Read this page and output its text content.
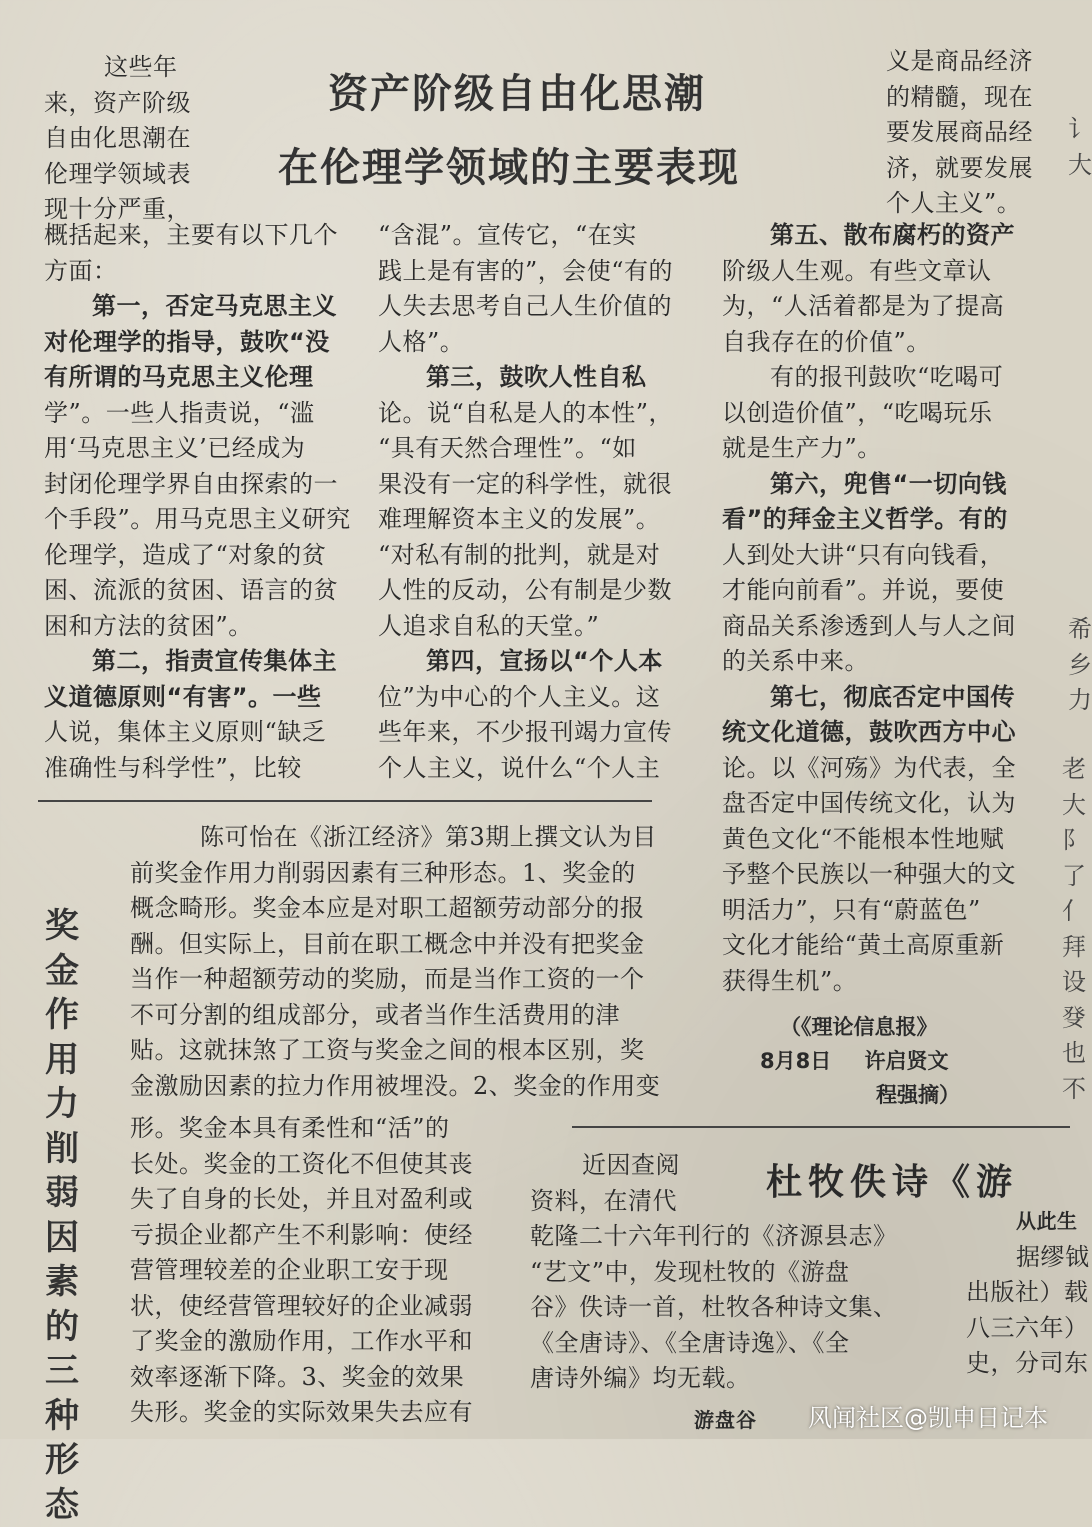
资产阶级自由化思潮
在伦理学领域的主要表现

这些年

来，资产阶级

自由化思潮在

伦理学领域表

现十分严重，

概括起来，主要有以下几个

方面：

第一，否定马克思主义

对伦理学的指导，鼓吹“没

有所谓的马克思主义伦理

学”。一些人指责说，“滥

用‘马克思主义’已经成为

封闭伦理学界自由探索的一

个手段”。用马克思主义研究

伦理学，造成了“对象的贫

困、流派的贫困、语言的贫

困和方法的贫困”。

第二，指责宣传集体主

义道德原则“有害”。一些

人说，集体主义原则“缺乏

准确性与科学性”，比较

“含混”。宣传它，“在实

践上是有害的”，会使“有的

人失去思考自己人生价值的

人格”。

第三，鼓吹人性自私

论。说“自私是人的本性”，

“具有天然合理性”。“如

果没有一定的科学性，就很

难理解资本主义的发展”。

“对私有制的批判，就是对

人性的反动，公有制是少数

人追求自私的天堂。”

第四，宣扬以“个人本

位”为中心的个人主义。这

些年来，不少报刊竭力宣传

个人主义，说什么“个人主

义是商品经济

的精髓，现在

要发展商品经

济，就要发展

个人主义”。

第五、散布腐朽的资产

阶级人生观。有些文章认

为，“人活着都是为了提高

自我存在的价值”。

有的报刊鼓吹“吃喝可

以创造价值”，“吃喝玩乐

就是生产力”。

第六，兜售“一切向钱

看”的拜金主义哲学。有的

人到处大讲“只有向钱看，

才能向前看”。并说，要使

商品关系渗透到人与人之间

的关系中来。

第七，彻底否定中国传

统文化道德，鼓吹西方中心

论。以《河殇》为代表，全

盘否定中国传统文化，认为

黄色文化“不能根本性地赋

予整个民族以一种强大的文

明活力”，只有“蔚蓝色”

文化才能给“黄土高原重新

获得生机”。

（《理论信息报》
8月8日 许启贤文
程强摘）
奖金作用力削弱因素的三种形态

陈可怡在《浙江经济》第3期上撰文认为目

前奖金作用力削弱因素有三种形态。1、奖金的

概念畸形。奖金本应是对职工超额劳动部分的报

酬。但实际上，目前在职工概念中并没有把奖金

当作一种超额劳动的奖励，而是当作工资的一个

不可分割的组成部分，或者当作生活费用的津

贴。这就抹煞了工资与奖金之间的根本区别，奖

金激励因素的拉力作用被埋没。2、奖金的作用变

形。奖金本具有柔性和“活”的

长处。奖金的工资化不但使其丧

失了自身的长处，并且对盈利或

亏损企业都产生不利影响：使经

营管理较差的企业职工安于现

状，使经营管理较好的企业减弱

了奖金的激励作用，工作水平和

效率逐渐下降。3、奖金的效果

失形。奖金的实际效果失去应有

杜牧佚诗《游

近因查阅

资料，在清代

乾隆二十六年刊行的《济源县志》

“艺文”中，发现杜牧的《游盘

谷》佚诗一首，杜牧各种诗文集、

《全唐诗》、《全唐诗逸》、《全

唐诗外编》均无载。

游盘谷

从此生

据缪钺

出版社）载

八三六年）

史，分司东

讠
大
希
乡
力
老
大
阝
了
亻
拜
设
癹
也
不
风闻社区@凯申日记本
